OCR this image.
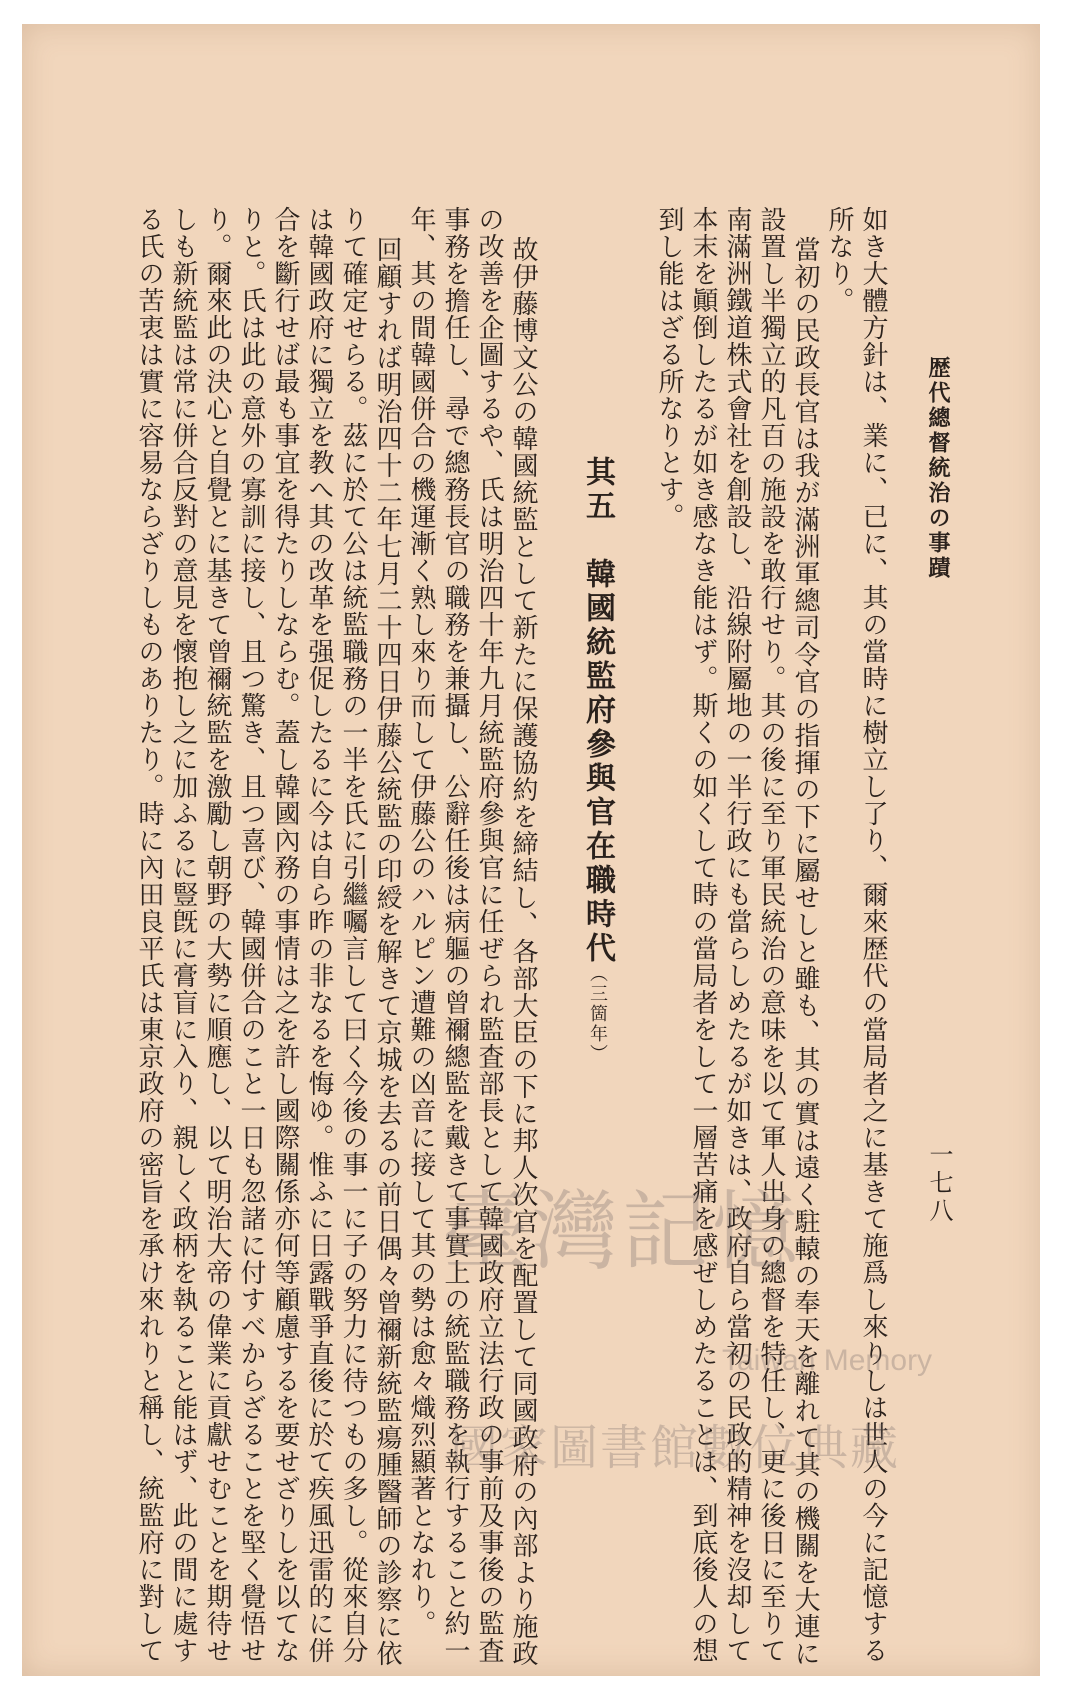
歴代總督統治の事蹟
一七八
如き大體方針は、業に、已に、其の當時に樹立し了り、爾來歴代の當局者之に基きて施爲し來りしは世人の今に記憶する
所なり。
當初の民政長官は我が滿洲軍總司令官の指揮の下に屬せしと雖も、其の實は遠く駐轅の奉天を離れて其の機關を大連に
設置し半獨立的凡百の施設を敢行せり。其の後に至り軍民統治の意味を以て軍人出身の總督を特任し、更に後日に至りて
南滿洲鐵道株式會社を創設し、沿線附屬地の一半行政にも當らしめたるが如きは、政府自ら當初の民政的精神を沒却して
本末を顚倒したるが如き感なき能はず。斯くの如くして時の當局者をして一層苦痛を感ぜしめたることは、到底後人の想
到し能はざる所なりとす。
其五　韓國統監府參與官在職時代
（三箇年）
故伊藤博文公の韓國統監として新たに保護協約を締結し、各部大臣の下に邦人次官を配置して同國政府の內部より施政
の改善を企圖するや、氏は明治四十年九月統監府參與官に任ぜられ監査部長として韓國政府立法行政の事前及事後の監査
事務を擔任し、尋で總務長官の職務を兼攝し、公辭任後は病軀の曾禰總監を戴きて事實上の統監職務を執行すること約一
年、其の間韓國併合の機運漸く熟し來り而して伊藤公のハルピン遭難の凶音に接して其の勢は愈々熾烈顯著となれり。
回顧すれば明治四十二年七月二十四日伊藤公統監の印綬を解きて京城を去るの前日偶々曾禰新統監瘍腫醫師の診察に依
りて確定せらる。茲に於て公は統監職務の一半を氏に引繼囑言して曰く今後の事一に子の努力に待つもの多し。從來自分
は韓國政府に獨立を教へ其の改革を强促したるに今は自ら昨の非なるを悔ゆ。惟ふに日露戰爭直後に於て疾風迅雷的に併
合を斷行せば最も事宜を得たりしならむ。蓋し韓國內務の事情は之を許し國際關係亦何等顧慮するを要せざりしを以てな
りと。氏は此の意外の寡訓に接し、且つ驚き、且つ喜び、韓國併合のこと一日も忽諸に付すべからざることを堅く覺悟せ
り。爾來此の決心と自覺とに基きて曾禰統監を激勵し朝野の大勢に順應し、以て明治大帝の偉業に貢獻せむことを期待せ
しも新統監は常に併合反對の意見を懷抱し之に加ふるに豎旣に膏盲に入り、親しく政柄を執ること能はず、此の間に處す
る氏の苦衷は實に容易ならざりしものありたり。時に內田良平氏は東京政府の密旨を承け來れりと稱し、統監府に對して	臺灣記憶
Taiwan Memory
國家圖書館數位典藏
